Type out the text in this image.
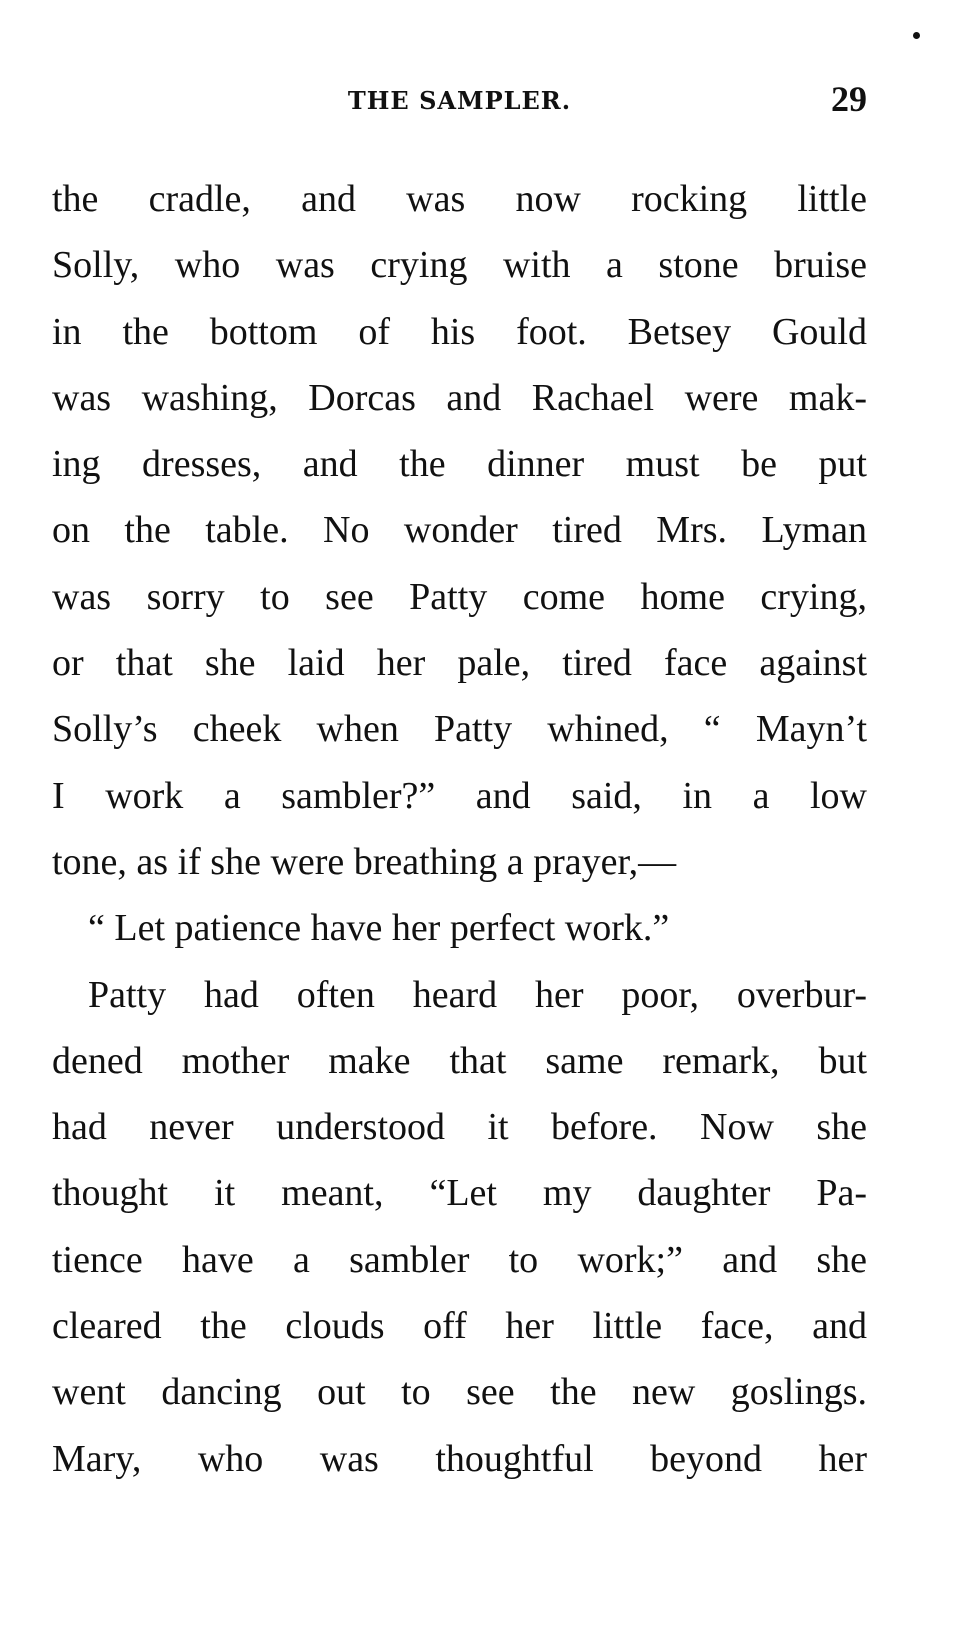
THE SAMPLER.	29
the cradle, and was now rocking little
Solly, who was crying with a stone bruise
in the bottom of his foot. Betsey Gould
was washing, Dorcas and Rachael were mak-
ing dresses, and the dinner must be put
on the table. No wonder tired Mrs. Lyman
was sorry to see Patty come home crying,
or that she laid her pale, tired face against
Solly’s cheek when Patty whined, “ Mayn’t
I work a sambler?” and said, in a low
tone, as if she were breathing a prayer,—
“ Let patience have her perfect work.”
Patty had often heard her poor, overbur-
dened mother make that same remark, but
had never understood it before. Now she
thought it meant, “Let my daughter Pa-
tience have a sambler to work;” and she
cleared the clouds off her little face, and
went dancing out to see the new goslings.
Mary, who was thoughtful beyond her
